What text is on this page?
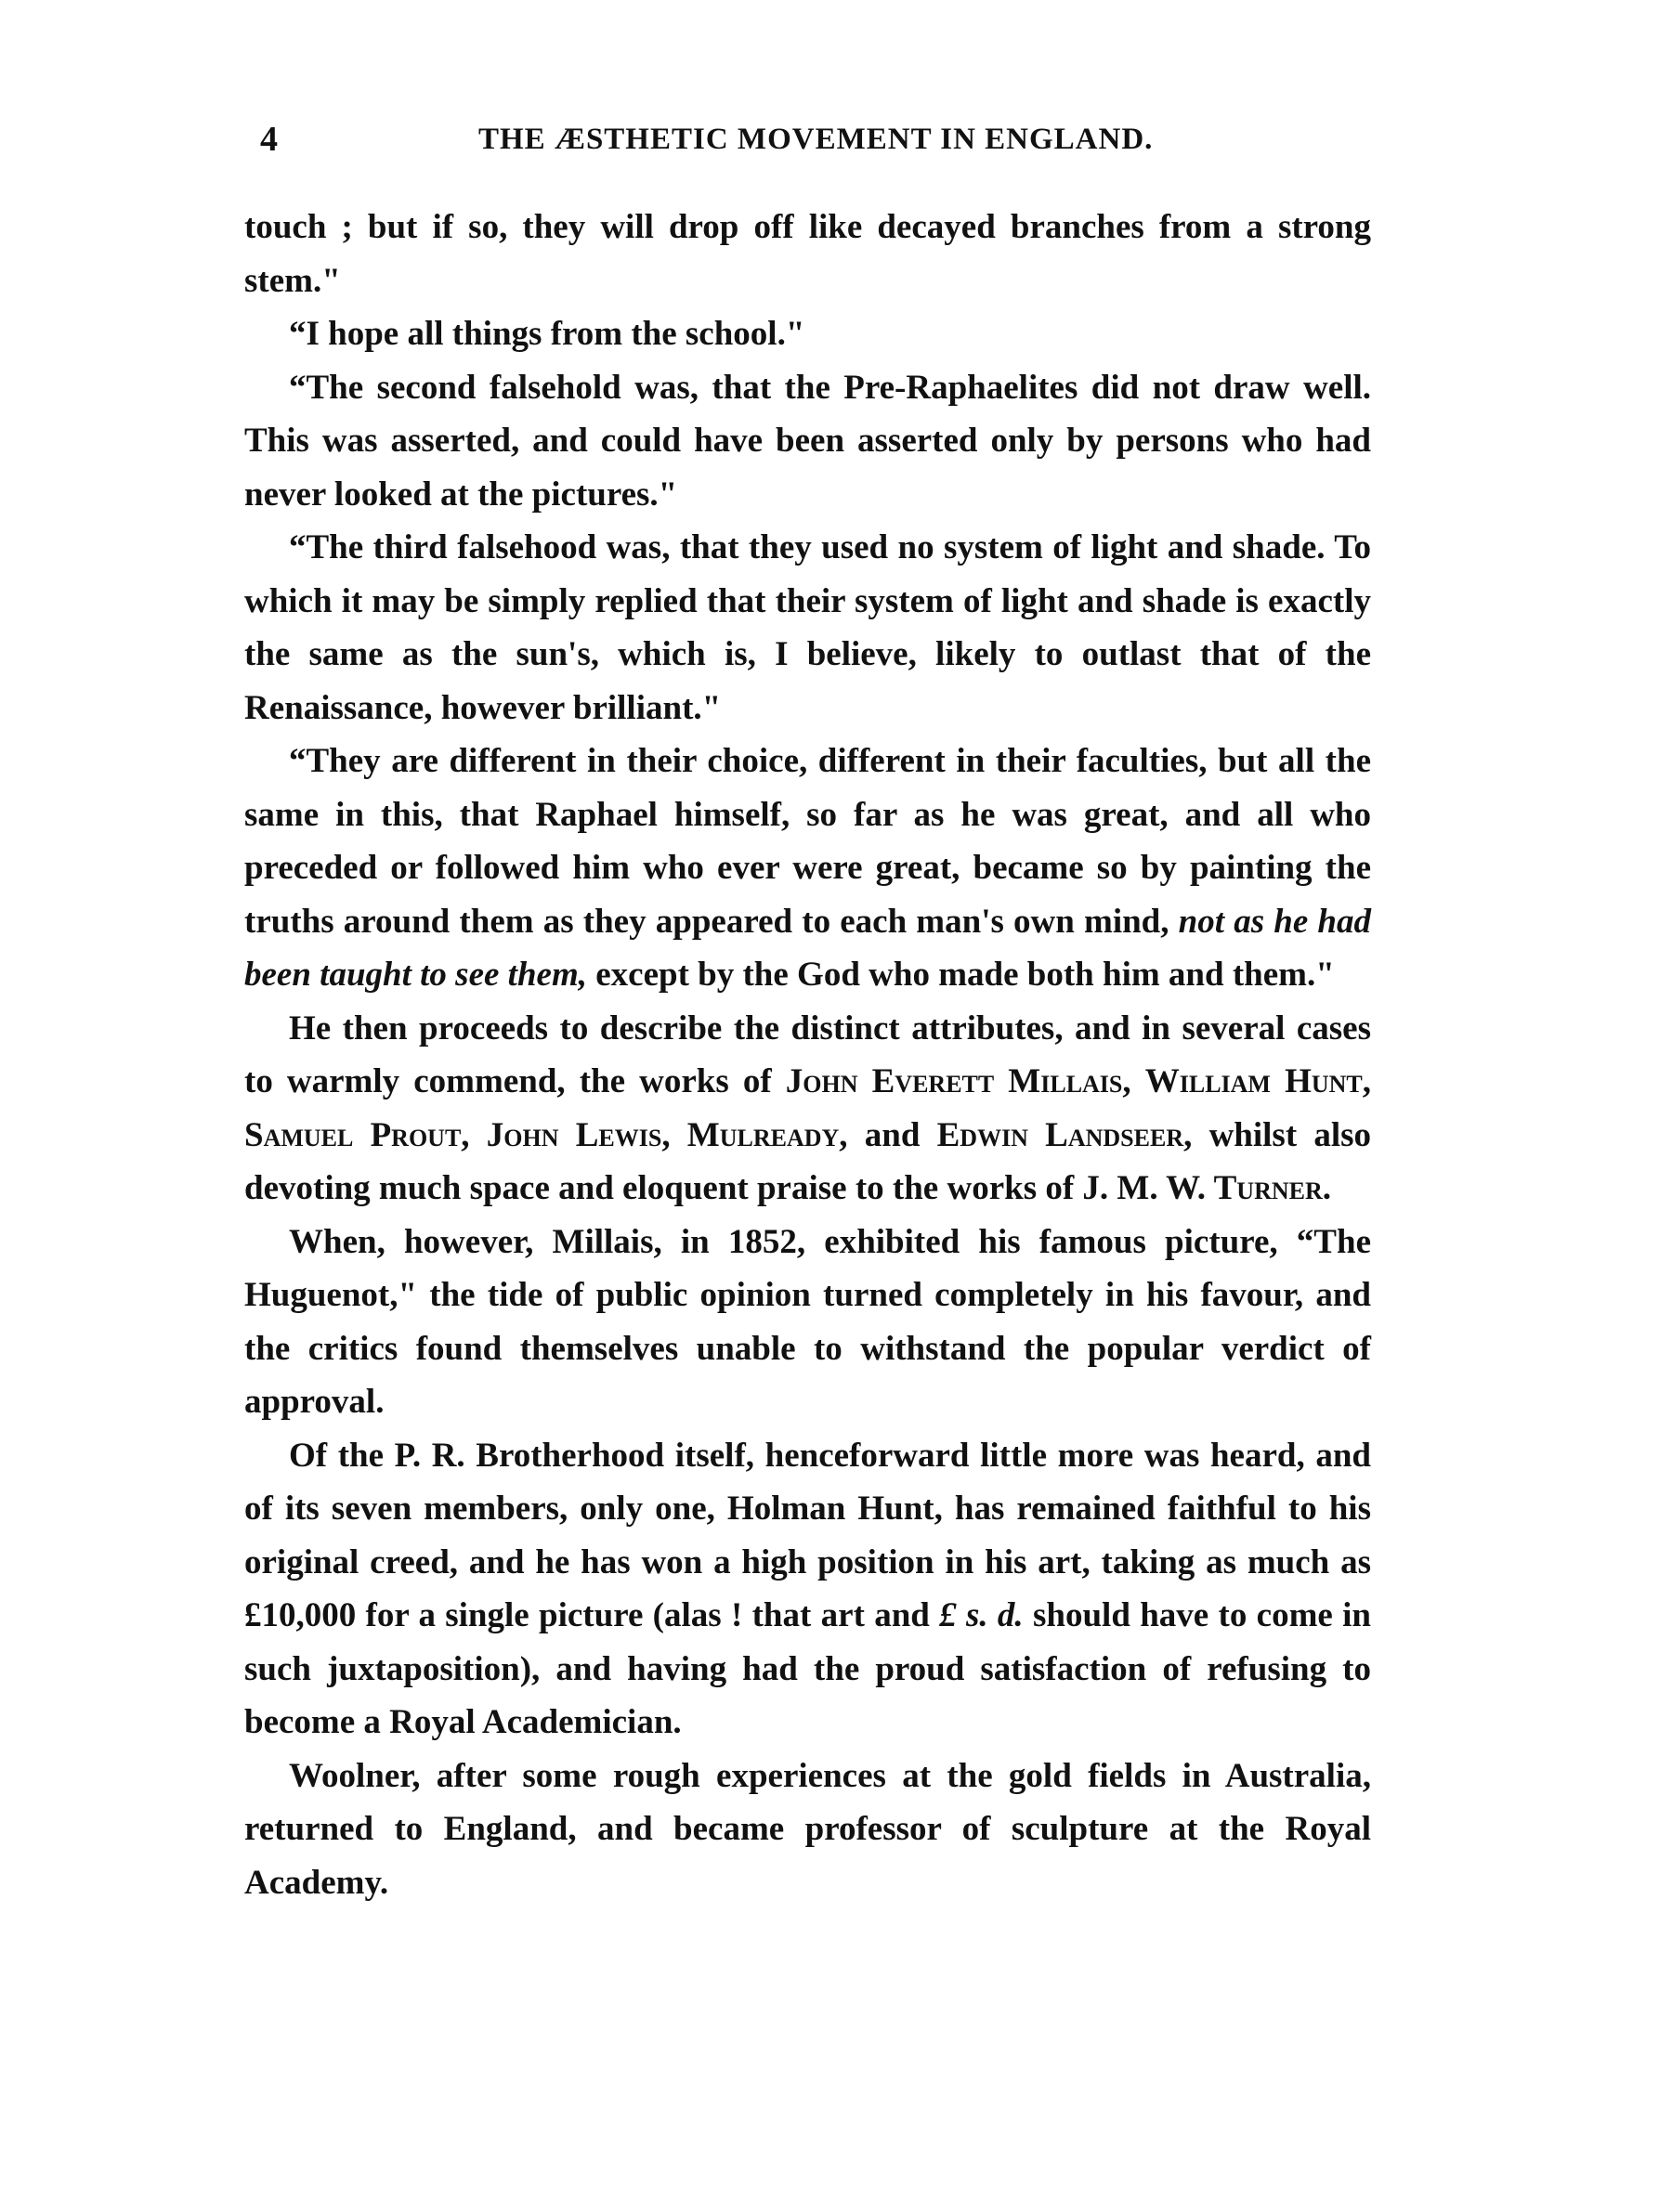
4	THE ÆSTHETIC MOVEMENT IN ENGLAND.

touch ; but if so, they will drop off like decayed branches from a strong stem."

“I hope all things from the school."

“The second falsehold was, that the Pre-Raphaelites did not draw well. This was asserted, and could have been asserted only by persons who had never looked at the pictures."

“The third falsehood was, that they used no system of light and shade. To which it may be simply replied that their system of light and shade is exactly the same as the sun's, which is, I believe, likely to outlast that of the Renaissance, however brilliant."

“They are different in their choice, different in their faculties, but all the same in this, that Raphael himself, so far as he was great, and all who preceded or followed him who ever were great, became so by painting the truths around them as they appeared to each man's own mind, not as he had been taught to see them, except by the God who made both him and them."

He then proceeds to describe the distinct attributes, and in several cases to warmly commend, the works of John Everett Millais, William Hunt, Samuel Prout, John Lewis, Mulready, and Edwin Landseer, whilst also devoting much space and eloquent praise to the works of J. M. W. Turner.

When, however, Millais, in 1852, exhibited his famous picture, “The Huguenot," the tide of public opinion turned completely in his favour, and the critics found themselves unable to withstand the popular verdict of approval.

Of the P. R. Brotherhood itself, henceforward little more was heard, and of its seven members, only one, Holman Hunt, has remained faithful to his original creed, and he has won a high position in his art, taking as much as £10,000 for a single picture (alas ! that art and £ s. d. should have to come in such juxtaposition), and having had the proud satisfaction of refusing to become a Royal Academician.

Woolner, after some rough experiences at the gold fields in Australia, returned to England, and became professor of sculpture at the Royal Academy.
